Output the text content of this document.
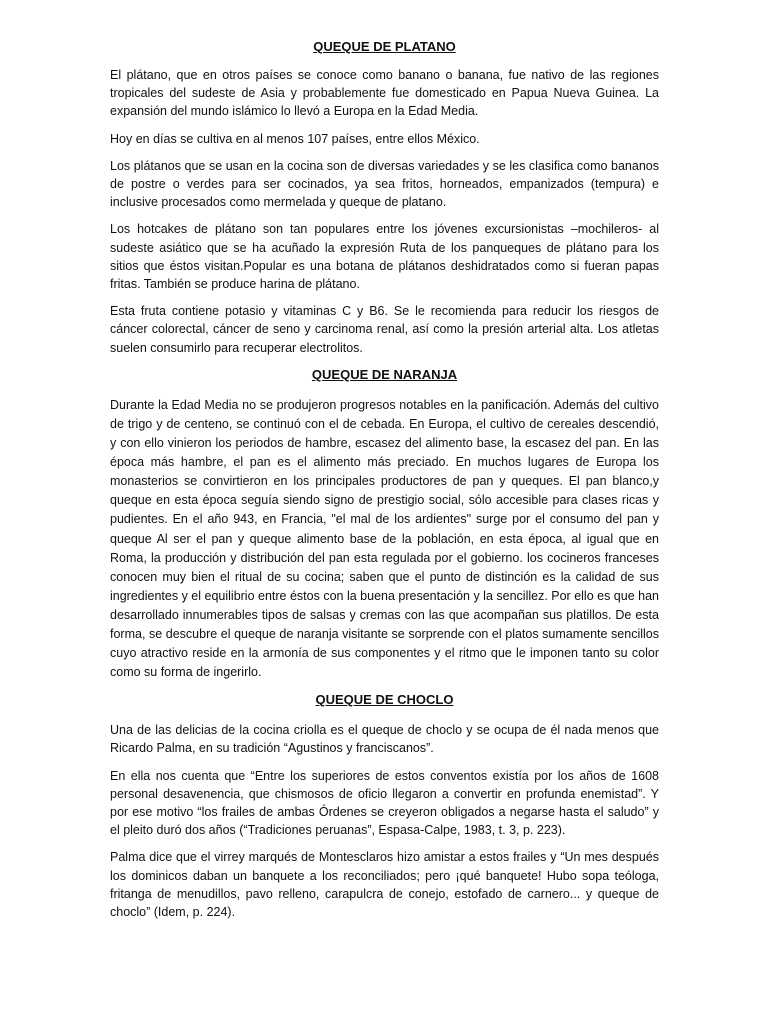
QUEQUE DE PLATANO

El plátano, que en otros países se conoce como banano o banana, fue nativo de las regiones tropicales del sudeste de Asia y probablemente fue domesticado en Papua Nueva Guinea. La expansión del mundo islámico lo llevó a Europa en la Edad Media.

Hoy en días se cultiva en al menos 107 países, entre ellos México.

Los plátanos que se usan en la cocina son de diversas variedades y se les clasifica como bananos de postre o verdes para ser cocinados, ya sea fritos, horneados, empanizados (tempura) e inclusive procesados como mermelada y queque de platano.

Los hotcakes de plátano son tan populares entre los jóvenes excursionistas –mochileros- al sudeste asiático que se ha acuñado la expresión Ruta de los panqueques de plátano para los sitios que éstos visitan.Popular es una botana de plátanos deshidratados como si fueran papas fritas. También se produce harina de plátano.

Esta fruta contiene potasio y vitaminas C y B6. Se le recomienda para reducir los riesgos de cáncer colorectal, cáncer de seno y carcinoma renal, así como la presión arterial alta. Los atletas suelen consumirlo para recuperar electrolitos.

QUEQUE DE NARANJA

Durante la Edad Media no se produjeron progresos notables en la panificación. Además del cultivo de trigo y de centeno, se continuó con el de cebada. En Europa, el cultivo de cereales descendió, y con ello vinieron los periodos de hambre, escasez del alimento base, la escasez del pan. En las época más hambre, el pan es el alimento más preciado. En muchos lugares de Europa los monasterios se convirtieron en los principales productores de pan y queques. El pan blanco,y queque en esta época seguía siendo signo de prestigio social, sólo accesible para clases ricas y pudientes. En el año 943, en Francia, "el mal de los ardientes" surge por el consumo del pan y queque Al ser el pan y queque alimento base de la población, en esta época, al igual que en Roma, la producción y distribución del pan esta regulada por el gobierno. los cocineros franceses conocen muy bien el ritual de su cocina; saben que el punto de distinción es la calidad de sus ingredientes y el equilibrio entre éstos con la buena presentación y la sencillez. Por ello es que han desarrollado innumerables tipos de salsas y cremas con las que acompañan sus platillos. De esta forma, se descubre el queque de naranja visitante se sorprende con el platos sumamente sencillos cuyo atractivo reside en la armonía de sus componentes y el ritmo que le imponen tanto su color como su forma de ingerirlo.

QUEQUE DE CHOCLO

Una de las delicias de la cocina criolla es el queque de choclo y se ocupa de él nada menos que Ricardo Palma, en su tradición “Agustinos y franciscanos”.

En ella nos cuenta que “Entre los superiores de estos conventos existía por los años de 1608 personal desavenencia, que chismosos de oficio llegaron a convertir en profunda enemistad”. Y por ese motivo “los frailes de ambas Órdenes se creyeron obligados a negarse hasta el saludo” y el pleito duró dos años (“Tradiciones peruanas”, Espasa-Calpe, 1983, t. 3, p. 223).

Palma dice que el virrey marqués de Montesclaros hizo amistar a estos frailes y “Un mes después los dominicos daban un banquete a los reconciliados; pero ¡qué banquete! Hubo sopa teóloga, fritanga de menudillos, pavo relleno, carapulcra de conejo, estofado de carnero... y queque de choclo” (Idem, p. 224).
